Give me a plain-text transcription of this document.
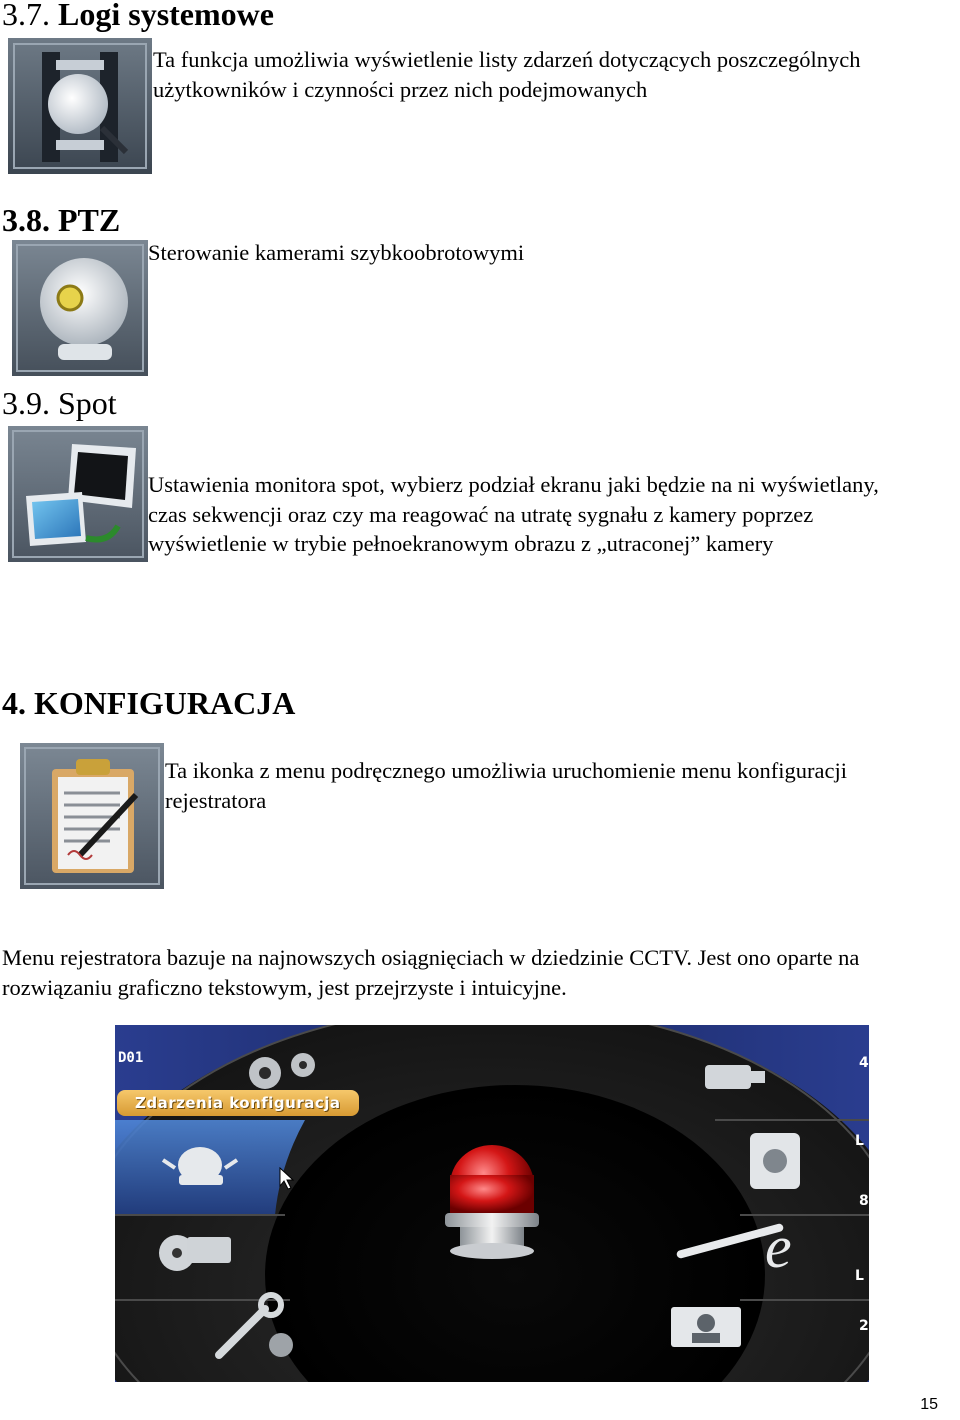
3.7. Logi systemowe

Ta funkcja umożliwia wyświetlenie listy zdarzeń dotyczących poszczególnych użytkowników i czynności przez nich podejmowanych

3.8. PTZ

Sterowanie kamerami szybkoobrotowymi

3.9. Spot

Ustawienia monitora spot, wybierz podział ekranu jaki będzie na ni wyświetlany, czas sekwencji oraz czy ma reagować na utratę sygnału z kamery poprzez wyświetlenie w trybie pełnoekranowym obrazu z „utraconej” kamery

4. KONFIGURACJA

Ta ikonka z menu podręcznego umożliwia uruchomienie menu konfiguracji rejestratora

Menu rejestratora bazuje na najnowszych osiągnięciach w dziedzinie CCTV. Jest ono oparte na rozwiązaniu graficzno tekstowym, jest przejrzyste i intuicyjne.

e
4
L
8
L
2
D01
Zdarzenia konfiguracja
15
